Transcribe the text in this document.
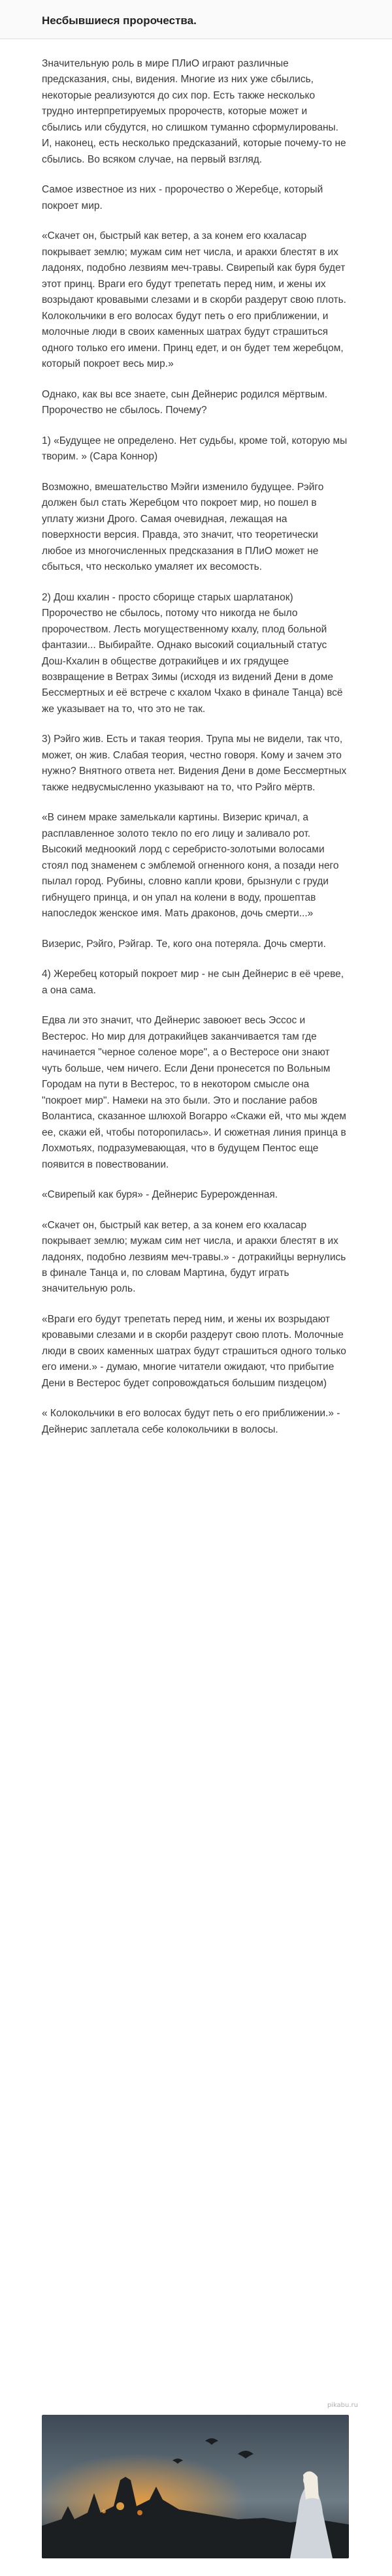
Несбывшиеся пророчества.

Значительную роль в мире ПЛиО играют различные предсказания, сны, видения. Многие из них уже сбылись, некоторые реализуются до сих пор. Есть также несколько трудно интерпретируемых пророчеств, которые может и сбылись или сбудутся, но слишком туманно сформулированы. И, наконец, есть несколько предсказаний, которые почему-то не сбылись. Во всяком случае, на первый взгляд.

Самое известное из них - пророчество о Жеребце, который покроет мир.

«Скачет он, быстрый как ветер, а за конем его кхаласар покрывает землю; мужам сим нет числа, и аракхи блестят в их ладонях, подобно лезвиям меч-травы. Свирепый как буря будет этот принц. Враги его будут трепетать перед ним, и жены их возрыдают кровавыми слезами и в скорби раздерут свою плоть. Колокольчики в его волосах будут петь о его приближении, и молочные люди в своих каменных шатрах будут страшиться одного только его имени. Принц едет, и он будет тем жеребцом, который покроет весь мир.»

Однако, как вы все знаете, сын Дейнерис родился мёртвым. Пророчество не сбылось. Почему?

1) «Будущее не определено. Нет судьбы, кроме той, которую мы творим. » (Сара Коннор)

Возможно, вмешательство Мэйги изменило будущее. Рэйго должен был стать Жеребцом что покроет мир, но пошел в уплату жизни Дрого. Самая очевидная, лежащая на поверхности версия. Правда, это значит, что теоретически любое из многочисленных предсказания в ПЛиО может не сбыться, что несколько умаляет их весомость.

2) Дош кхалин - просто сборище старых шарлатанок) Пророчество не сбылось, потому что никогда не было пророчеством. Лесть могущественному кхалу, плод больной фантазии... Выбирайте. Однако высокий социальный статус Дош-Кхалин в обществе дотракийцев и их грядущее возвращение в Ветрах Зимы (исходя из видений Дени в доме Бессмертных и её встрече с кхалом Чхако в финале Танца) всё же указывает на то, что это не так.

3) Рэйго жив. Есть и такая теория. Трупа мы не видели, так что, может, он жив. Слабая теория, честно говоря. Кому и зачем это нужно? Внятного ответа нет. Видения Дени в доме Бессмертных также недвусмысленно указывают на то, что Рэйго мёртв.

«В синем мраке замелькали картины. Визерис кричал, а расплавленное золото текло по его лицу и заливало рот. Высокий медноокий лорд с серебристо-золотыми волосами стоял под знаменем с эмблемой огненного коня, а позади него пылал город. Рубины, словно капли крови, брызнули с груди гибнущего принца, и он упал на колени в воду, прошептав напоследок женское имя. Мать драконов, дочь смерти...»

Визерис, Рэйго, Рэйгар. Те, кого она потеряла. Дочь смерти.

4) Жеребец который покроет мир - не сын Дейнерис в её чреве, а она сама.

Едва ли это значит, что Дейнерис завоюет весь Эссос и Вестерос. Но мир для дотракийцев заканчивается там где начинается "черное соленое море", а о Вестеросе они знают чуть больше, чем ничего. Если Дени пронесется по Вольным Городам на пути в Вестерос, то в некотором смысле она "покроет мир". Намеки на это были. Это и послание рабов Волантиса, сказанное шлюхой Вогарро «Скажи ей, что мы ждем ее, скажи ей, чтобы поторопилась». И сюжетная линия принца в Лохмотьях, подразумевающая, что в будущем Пентос еще появится в повествовании.

«Свирепый как буря» - Дейнерис Бурерожденная.

«Скачет он, быстрый как ветер, а за конем его кхаласар покрывает землю; мужам сим нет числа, и аракхи блестят в их ладонях, подобно лезвиям меч-травы.» - дотракийцы вернулись в финале Танца и, по словам Мартина, будут играть значительную роль.

«Враги его будут трепетать перед ним, и жены их возрыдают кровавыми слезами и в скорби раздерут свою плоть. Молочные люди в своих каменных шатрах будут страшиться одного только его имени.» - думаю, многие читатели ожидают, что прибытие Дени в Вестерос будет сопровождаться большим пиздецом)

« Колокольчики в его волосах будут петь о его приближении.» - Дейнерис заплетала себе колокольчики в волосы.

pikabu.ru
